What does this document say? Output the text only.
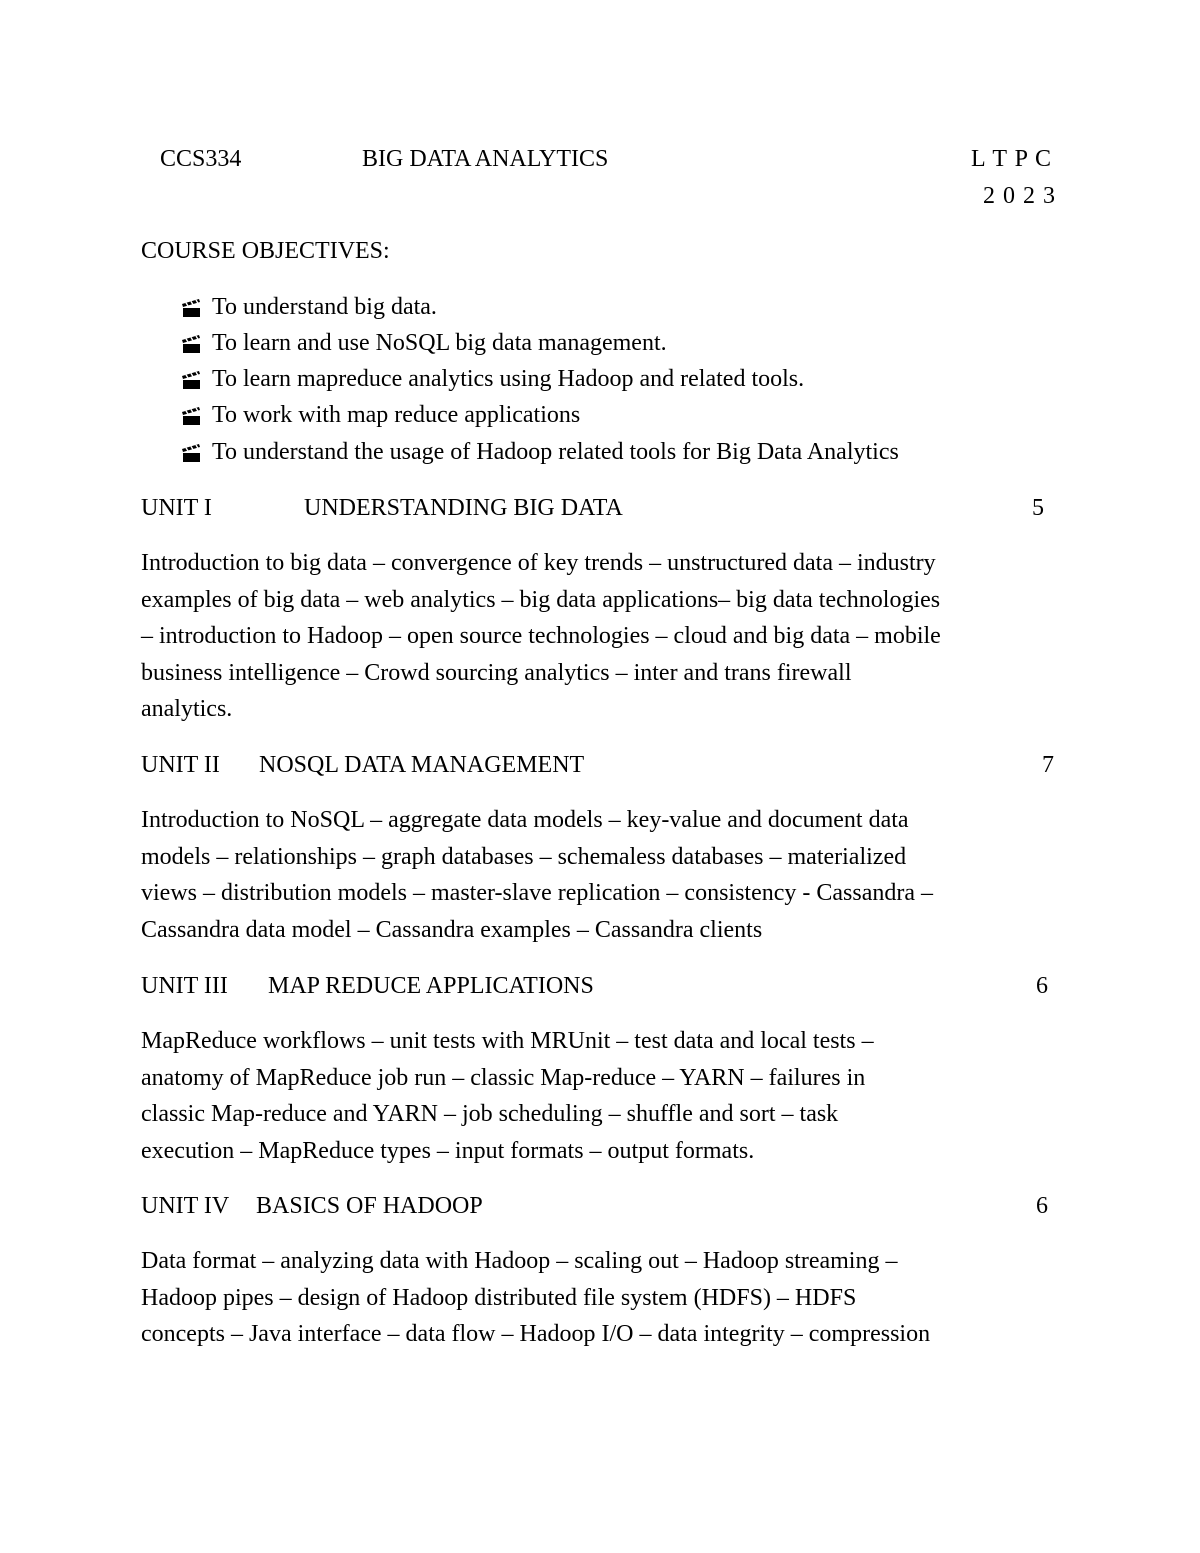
CCS334	BIG DATA ANALYTICS	L T P C
2 0 2 3
COURSE OBJECTIVES:
To understand big data.
To learn and use NoSQL big data management.
To learn mapreduce analytics using Hadoop and related tools.
To work with map reduce applications
To understand the usage of Hadoop related tools for Big Data Analytics
UNIT I	UNDERSTANDING BIG DATA	5
Introduction to big data – convergence of key trends – unstructured data – industry
examples of big data – web analytics – big data applications– big data technologies
– introduction to Hadoop – open source technologies – cloud and big data – mobile
business intelligence – Crowd sourcing analytics – inter and trans firewall
analytics.
UNIT II NOSQL DATA MANAGEMENT	7
Introduction to NoSQL – aggregate data models – key-value and document data
models – relationships – graph databases – schemaless databases – materialized
views – distribution models – master-slave replication – consistency - Cassandra –
Cassandra data model – Cassandra examples – Cassandra clients
UNIT III MAP REDUCE APPLICATIONS	6
MapReduce workflows – unit tests with MRUnit – test data and local tests –
anatomy of MapReduce job run – classic Map-reduce – YARN – failures in
classic Map-reduce and YARN – job scheduling – shuffle and sort – task
execution – MapReduce types – input formats – output formats.
UNIT IV BASICS OF HADOOP	6
Data format – analyzing data with Hadoop – scaling out – Hadoop streaming –
Hadoop pipes – design of Hadoop distributed file system (HDFS) – HDFS
concepts – Java interface – data flow – Hadoop I/O – data integrity – compression
